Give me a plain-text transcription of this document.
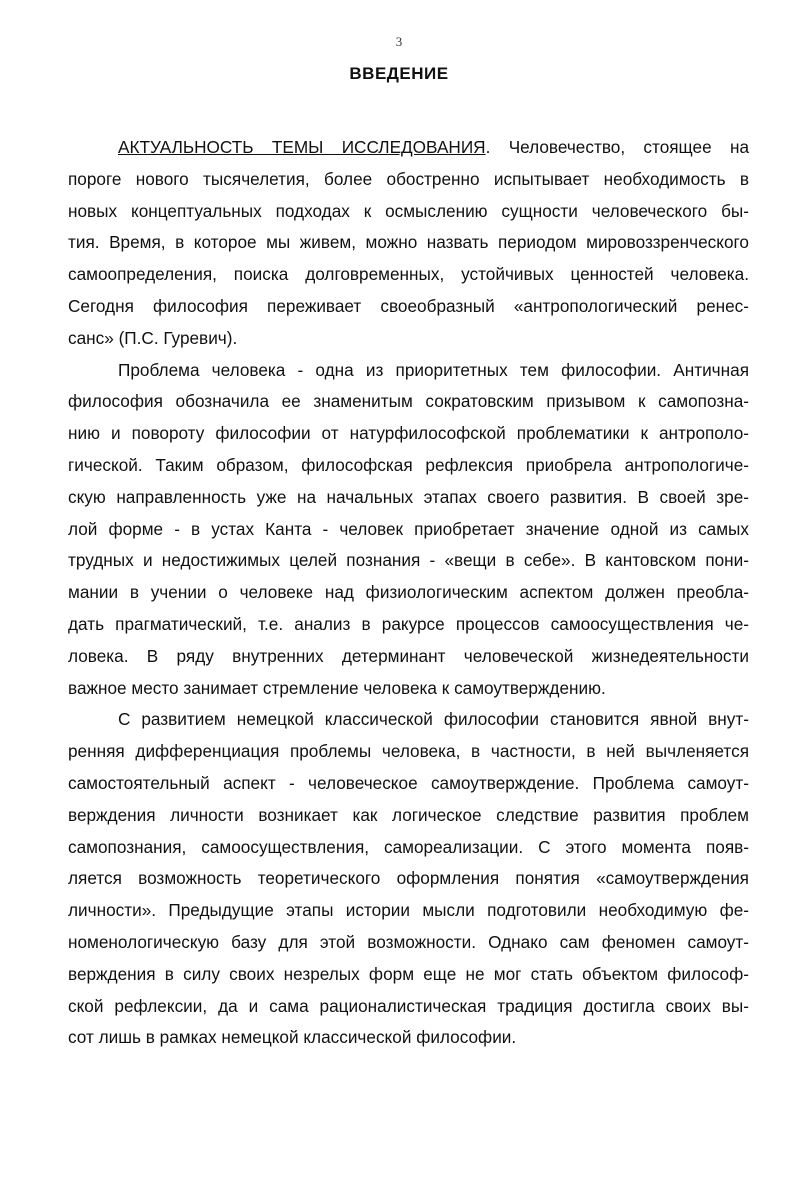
3
ВВЕДЕНИЕ
АКТУАЛЬНОСТЬ ТЕМЫ ИССЛЕДОВАНИЯ. Человечество, стоящее на
пороге нового тысячелетия, более обостренно испытывает необходимость в
новых концептуальных подходах к осмыслению сущности человеческого бы-
тия. Время, в которое мы живем, можно назвать периодом мировоззренческого
самоопределения, поиска долговременных, устойчивых ценностей человека.
Сегодня философия переживает своеобразный «антропологический ренес-
санс» (П.С. Гуревич).
Проблема человека - одна из приоритетных тем философии. Античная
философия обозначила ее знаменитым сократовским призывом к самопозна-
нию и повороту философии от натурфилософской проблематики к антрополо-
гической. Таким образом, философская рефлексия приобрела антропологиче-
скую направленность уже на начальных этапах своего развития. В своей зре-
лой форме - в устах Канта - человек приобретает значение одной из самых
трудных и недостижимых целей познания - «вещи в себе». В кантовском пони-
мании в учении о человеке над физиологическим аспектом должен преобла-
дать прагматический, т.е. анализ в ракурсе процессов самоосуществления че-
ловека. В ряду внутренних детерминант человеческой жизнедеятельности
важное место занимает стремление человека к самоутверждению.
С развитием немецкой классической философии становится явной внут-
ренняя дифференциация проблемы человека, в частности, в ней вычленяется
самостоятельный аспект - человеческое самоутверждение. Проблема самоут-
верждения личности возникает как логическое следствие развития проблем
самопознания, самоосуществления, самореализации. С этого момента появ-
ляется возможность теоретического оформления понятия «самоутверждения
личности». Предыдущие этапы истории мысли подготовили необходимую фе-
номенологическую базу для этой возможности. Однако сам феномен самоут-
верждения в силу своих незрелых форм еще не мог стать объектом философ-
ской рефлексии, да и сама рационалистическая традиция достигла своих вы-
сот лишь в рамках немецкой классической философии.
